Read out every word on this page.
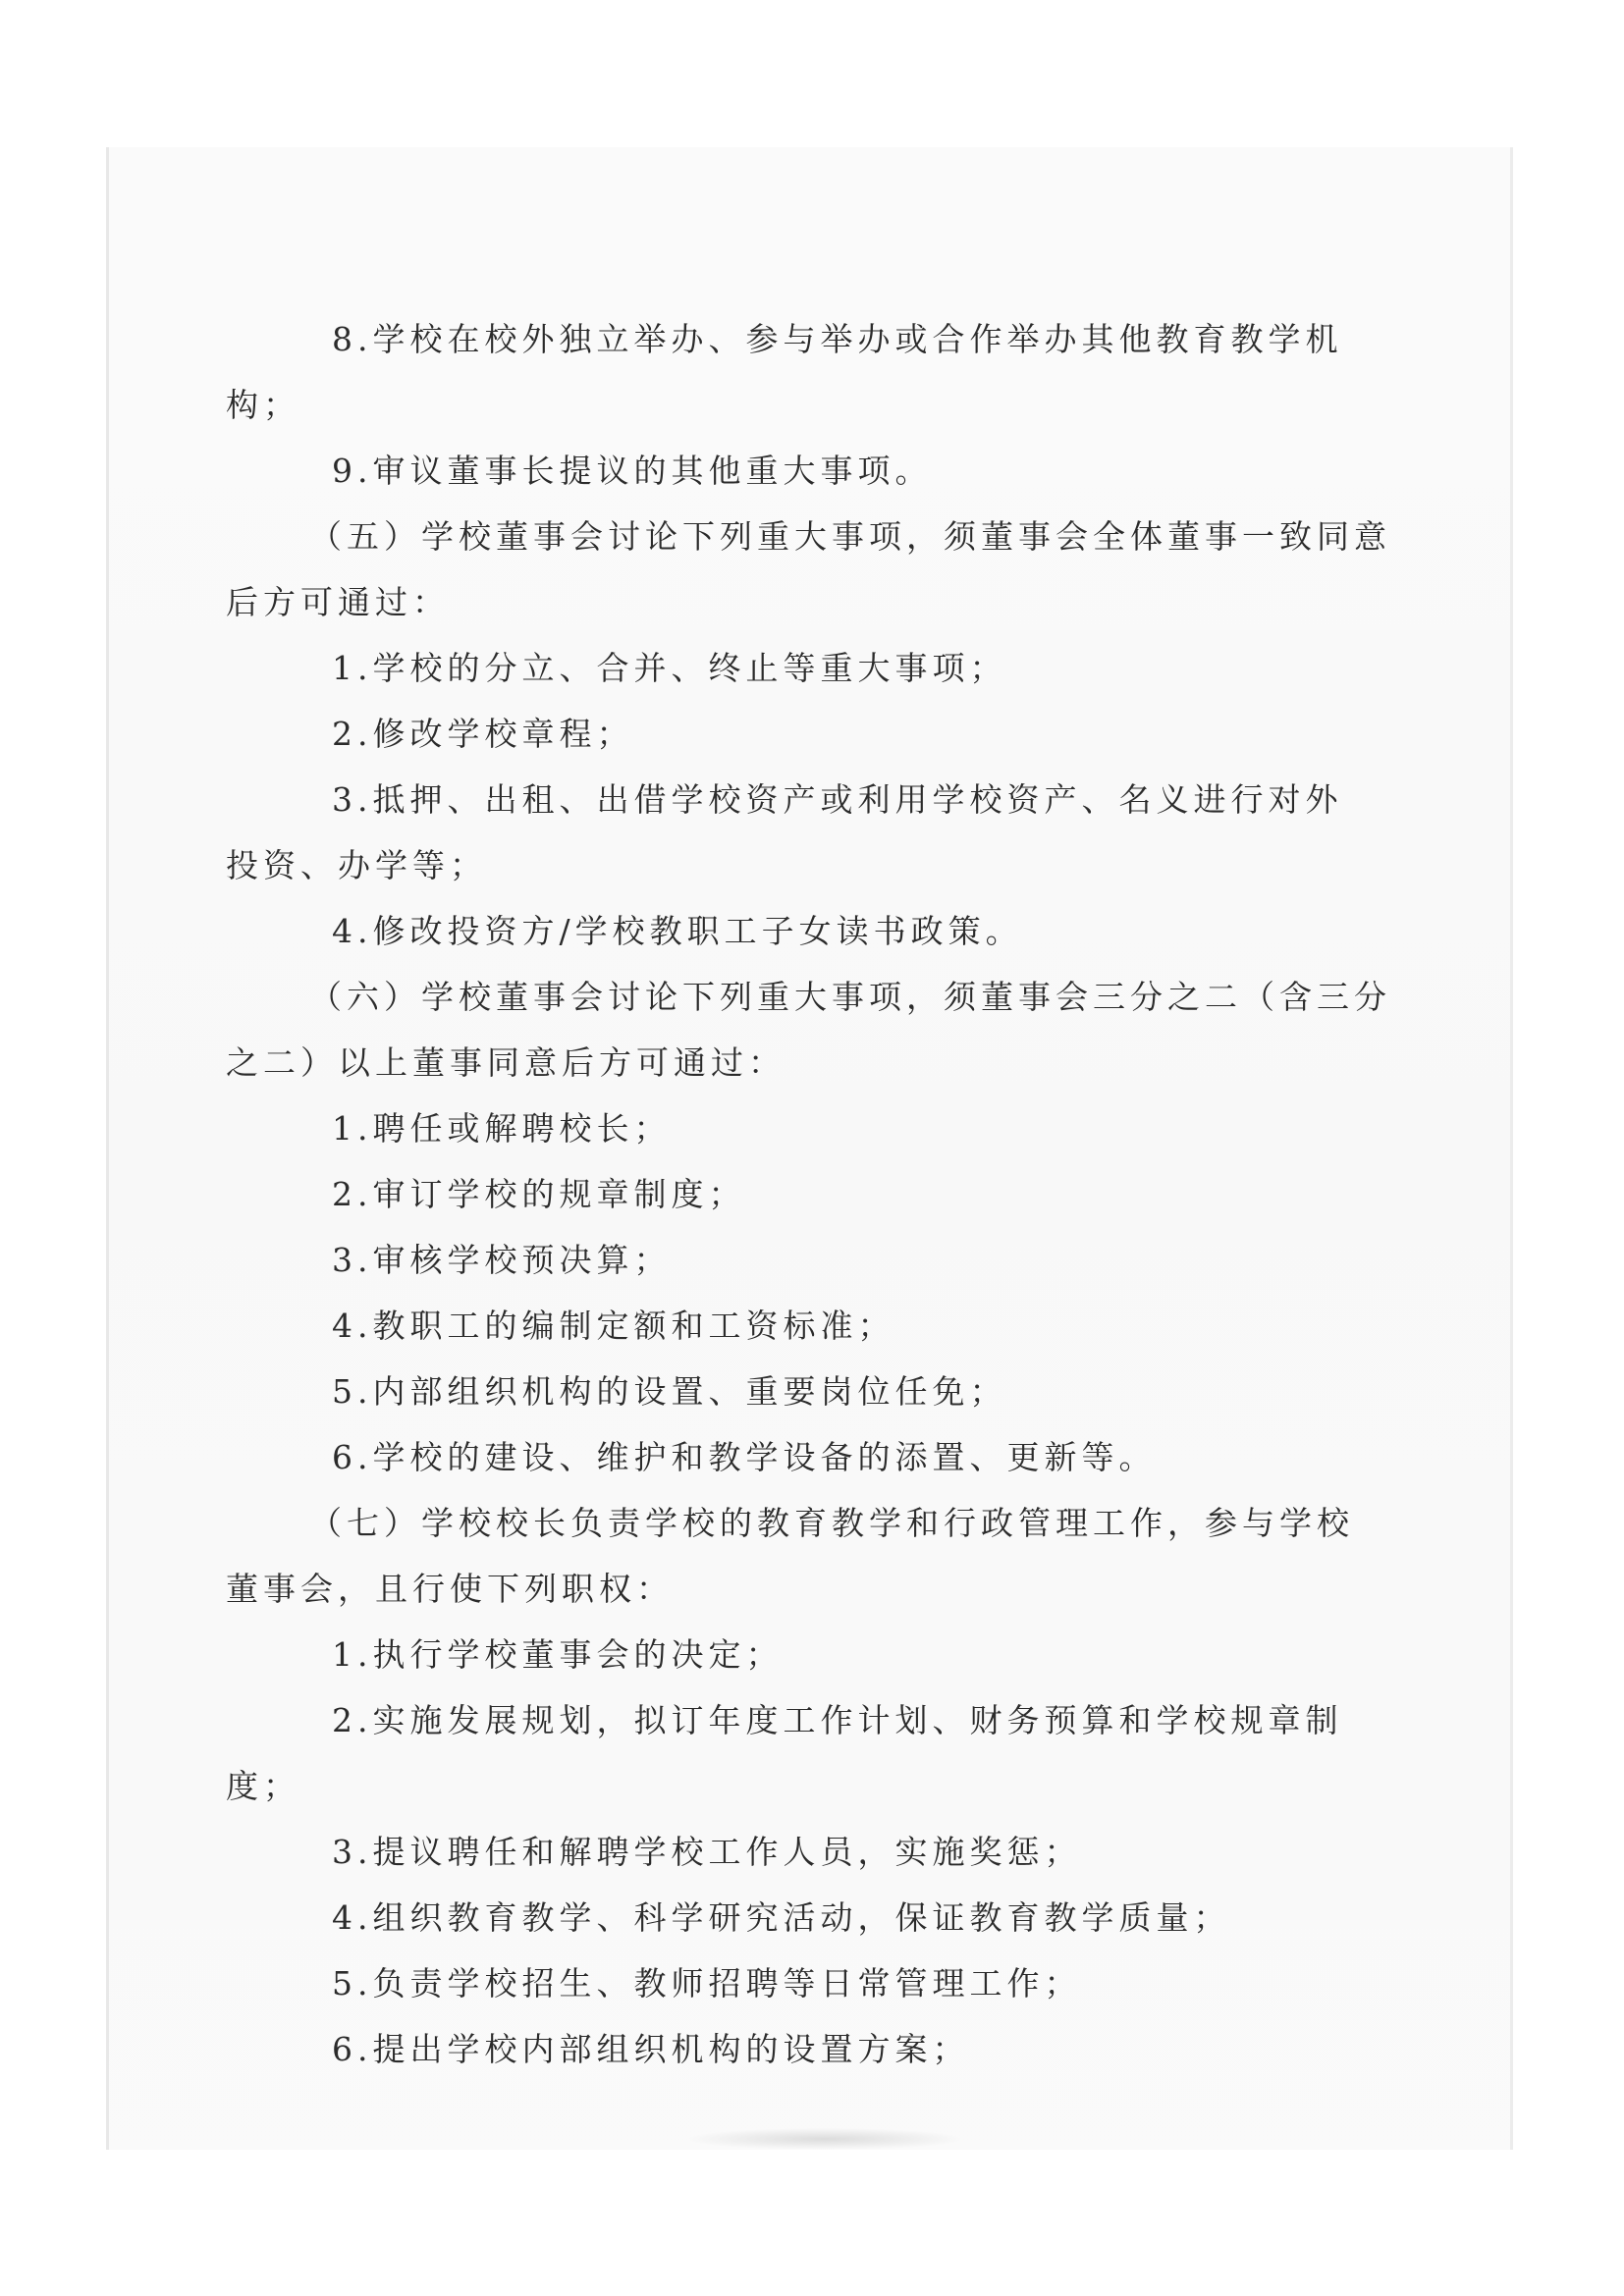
8.学校在校外独立举办、参与举办或合作举办其他教育教学机
构；
9.审议董事长提议的其他重大事项。
（五）学校董事会讨论下列重大事项，须董事会全体董事一致同意
后方可通过：
1.学校的分立、合并、终止等重大事项；
2.修改学校章程；
3.抵押、出租、出借学校资产或利用学校资产、名义进行对外
投资、办学等；
4.修改投资方/学校教职工子女读书政策。
（六）学校董事会讨论下列重大事项，须董事会三分之二（含三分
之二）以上董事同意后方可通过：
1.聘任或解聘校长；
2.审订学校的规章制度；
3.审核学校预决算；
4.教职工的编制定额和工资标准；
5.内部组织机构的设置、重要岗位任免；
6.学校的建设、维护和教学设备的添置、更新等。
（七）学校校长负责学校的教育教学和行政管理工作，参与学校
董事会，且行使下列职权：
1.执行学校董事会的决定；
2.实施发展规划，拟订年度工作计划、财务预算和学校规章制
度；
3.提议聘任和解聘学校工作人员，实施奖惩；
4.组织教育教学、科学研究活动，保证教育教学质量；
5.负责学校招生、教师招聘等日常管理工作；
6.提出学校内部组织机构的设置方案；
